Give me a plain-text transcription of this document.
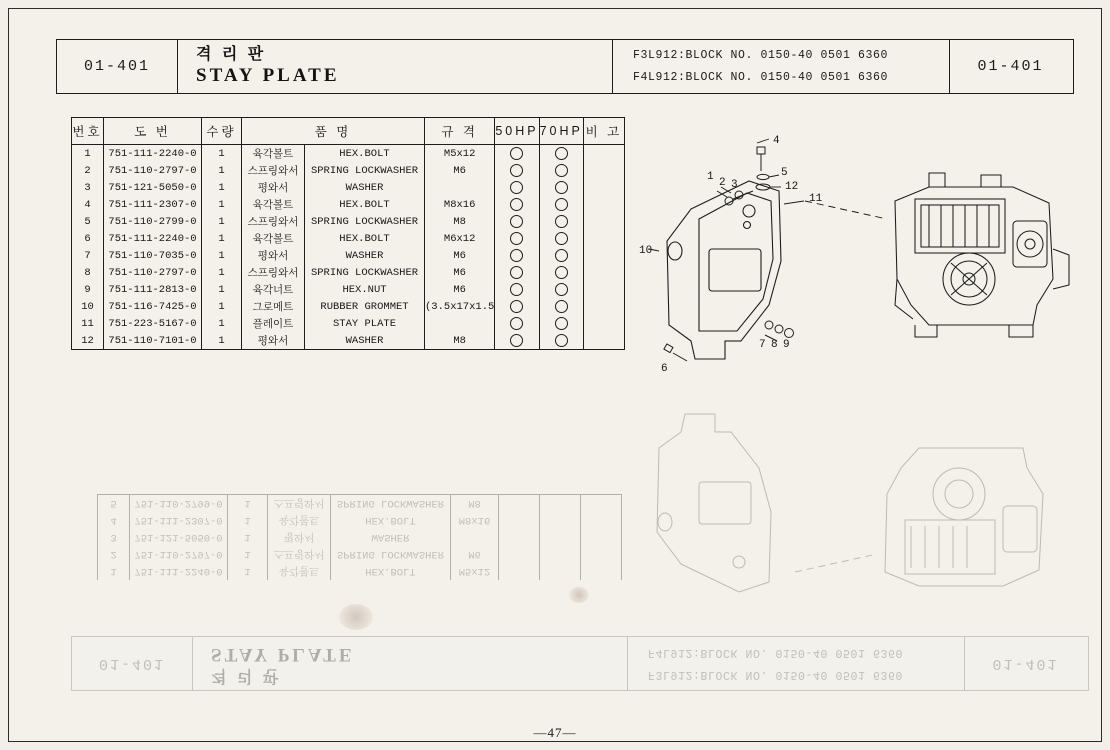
01-401
격 리 판
STAY PLATE
F3L912:BLOCK NO. 0150-40 0501 6360
F4L912:BLOCK NO. 0150-40 0501 6360
01-401
번호	도 번	수량	품 명		규 격	50HP	70HP	비 고
1	751-111-2240-0	1	육각볼트	HEX.BOLT	M5x12			
2	751-110-2797-0	1	스프링와서	SPRING LOCKWASHER	M6			
3	751-121-5050-0	1	평와서	WASHER				
4	751-111-2307-0	1	육각볼트	HEX.BOLT	M8x16			
5	751-110-2799-0	1	스프링와서	SPRING LOCKWASHER	M8			
6	751-111-2240-0	1	육각볼트	HEX.BOLT	M6x12			
7	751-110-7035-0	1	평와서	WASHER	M6			
8	751-110-2797-0	1	스프링와서	SPRING LOCKWASHER	M6			
9	751-111-2813-0	1	육각너트	HEX.NUT	M6			
10	751-116-7425-0	1	그로메트	RUBBER GROMMET	(3.5x17x1.5			
11	751-223-5167-0	1	플레이트	STAY PLATE				
12	751-110-7101-0	1	평와서	WASHER	M8			
1 2 3
4
5
12
11
10
6
7 8 9
1	751-111-2240-0	1	육각볼트	HEX.BOLT	M5x12			
2	751-110-2797-0	1	스프링와서	SPRING LOCKWASHER	M6			
3	751-121-5050-0	1	평와서	WASHER				
4	751-111-2307-0	1	육각볼트	HEX.BOLT	M8x16			
5	751-110-2799-0	1	스프링와서	SPRING LOCKWASHER	M8			
01-401
격 리 판
STAY PLATE
F3L912:BLOCK NO. 0150-40 0501 6360
F4L912:BLOCK NO. 0150-40 0501 6360
01-401
—47—
